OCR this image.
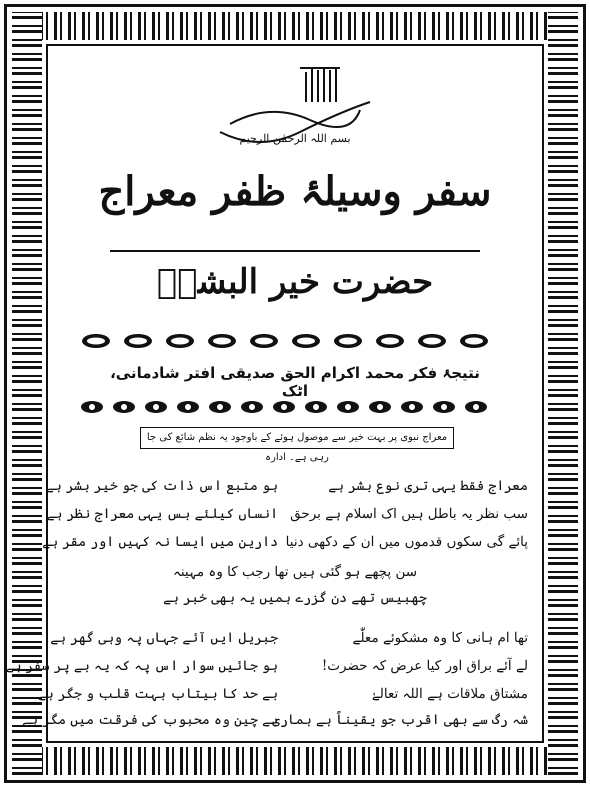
بسم اللہ الرحمٰن الرحیم
سفر وسیلۂ ظفر معراج
حضرت خیر البشرؐ
نتیجۂ فکر محمد اکرام الحق صدیقی افتر شادمانی، اٹک
معراج نبوی پر بہت خیر سے موصول ہوئے کے باوجود یہ نظم شائع کی جا رہی ہے۔ ادارہ
معراج فقط یہی تری نوع بشر ہے
ہو متبع اس ذات کی جو خیر بشر ہے
سب نظر یہ باطل ہیں اک اسلام ہے برحق
انساں کیلئے بس یہی معراج نظر ہے
پائے گی سکوں قدموں میں ان کے دکھی دنیا
دارین میں ایسا نہ کہیں اور مقر ہے
سن پچھے ہو گئی ہیں تھا رجب کا وہ مہینہ
چھبیس تھے دن گزرے ہمیں یہ بھی خبر ہے
تھا ام ہانی کا وہ مشکوئے معلّٰے
جبریل ایں آئے جہاں پہ وہی گھر ہے
لے آئے براق اور کیا عرض کہ حضرت!
ہو جائیں سوار اس پہ کہ یہ بے پر سفر ہے
مشتاق ملاقات ہے اللہ تعالےٰ
بے حد کا بیتاب بہت قلب و جگر ہے
شہ رگ سے بھی اقرب جو یقیناً ہے ہماری
بے چین وہ محبوب کی فرقت میں مگر ہے
